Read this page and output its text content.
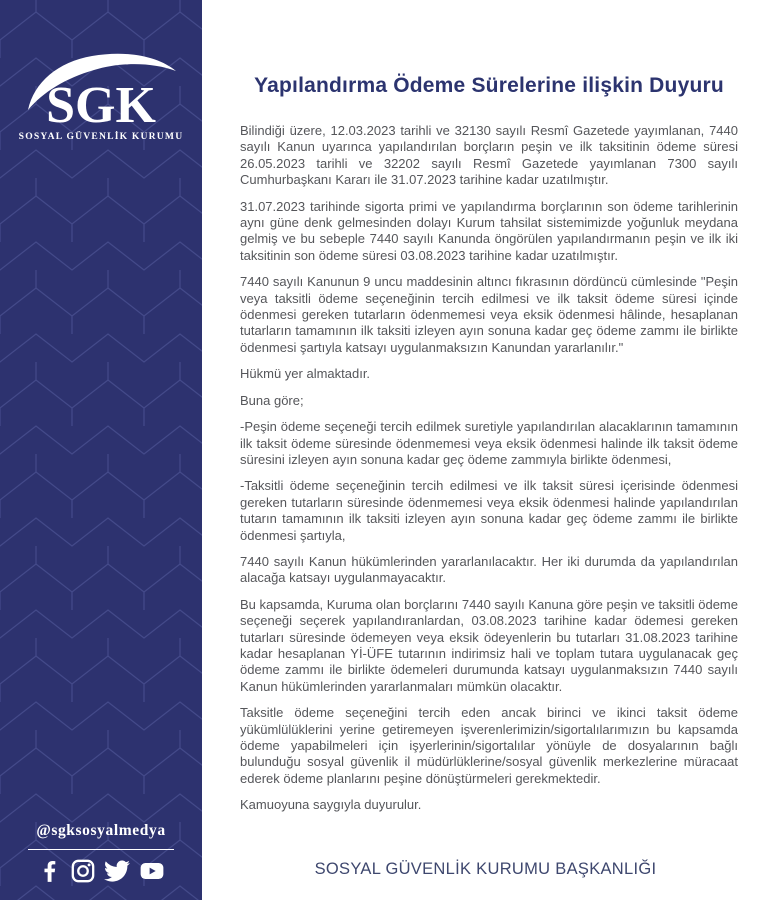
SGK
SOSYAL GÜVENLİK KURUMU
@sgksosyalmedya
Yapılandırma Ödeme Sürelerine ilişkin Duyuru

Bilindiği üzere, 12.03.2023 tarihli ve 32130 sayılı Resmî Gazetede yayımlanan, 7440 sayılı Kanun uyarınca yapılandırılan borçların peşin ve ilk taksitinin ödeme süresi 26.05.2023 tarihli ve 32202 sayılı Resmî Gazetede yayımlanan 7300 sayılı Cumhurbaşkanı Kararı ile 31.07.2023 tarihine kadar uzatılmıştır.

31.07.2023 tarihinde sigorta primi ve yapılandırma borçlarının son ödeme tarihlerinin aynı güne denk gelmesinden dolayı Kurum tahsilat sistemimizde yoğunluk meydana gelmiş ve bu sebeple 7440 sayılı Kanunda öngörülen yapılandırmanın peşin ve ilk iki taksitinin son ödeme süresi 03.08.2023 tarihine kadar uzatılmıştır.

7440 sayılı Kanunun 9 uncu maddesinin altıncı fıkrasının dördüncü cümlesinde "Peşin veya taksitli ödeme seçeneğinin tercih edilmesi ve ilk taksit ödeme süresi içinde ödenmesi gereken tutarların ödenmemesi veya eksik ödenmesi hâlinde, hesaplanan tutarların tamamının ilk taksiti izleyen ayın sonuna kadar geç ödeme zammı ile birlikte ödenmesi şartıyla katsayı uygulanmaksızın Kanundan yararlanılır."

Hükmü yer almaktadır.

Buna göre;

-Peşin ödeme seçeneği tercih edilmek suretiyle yapılandırılan alacaklarının tamamının ilk taksit ödeme süresinde ödenmemesi veya eksik ödenmesi halinde ilk taksit ödeme süresini izleyen ayın sonuna kadar geç ödeme zammıyla birlikte ödenmesi,

-Taksitli ödeme seçeneğinin tercih edilmesi ve ilk taksit süresi içerisinde ödenmesi gereken tutarların süresinde ödenmemesi veya eksik ödenmesi halinde yapılandırılan tutarın tamamının ilk taksiti izleyen ayın sonuna kadar geç ödeme zammı ile birlikte ödenmesi şartıyla,

7440 sayılı Kanun hükümlerinden yararlanılacaktır. Her iki durumda da yapılandırılan alacağa katsayı uygulanmayacaktır.

Bu kapsamda, Kuruma olan borçlarını 7440 sayılı Kanuna göre peşin ve taksitli ödeme seçeneği seçerek yapılandıranlardan, 03.08.2023 tarihine kadar ödemesi gereken tutarları süresinde ödemeyen veya eksik ödeyenlerin bu tutarları 31.08.2023 tarihine kadar hesaplanan Yİ-ÜFE tutarının indirimsiz hali ve toplam tutara uygulanacak geç ödeme zammı ile birlikte ödemeleri durumunda katsayı uygulanmaksızın 7440 sayılı Kanun hükümlerinden yararlanmaları mümkün olacaktır.

Taksitle ödeme seçeneğini tercih eden ancak birinci ve ikinci taksit ödeme yükümlülüklerini yerine getiremeyen işverenlerimizin/sigortalılarımızın bu kapsamda ödeme yapabilmeleri için işyerlerinin/sigortalılar yönüyle de dosyalarının bağlı bulunduğu sosyal güvenlik il müdürlüklerine/sosyal güvenlik merkezlerine müracaat ederek ödeme planlarını peşine dönüştürmeleri gerekmektedir.

Kamuoyuna saygıyla duyurulur.

SOSYAL GÜVENLİK KURUMU BAŞKANLIĞI
